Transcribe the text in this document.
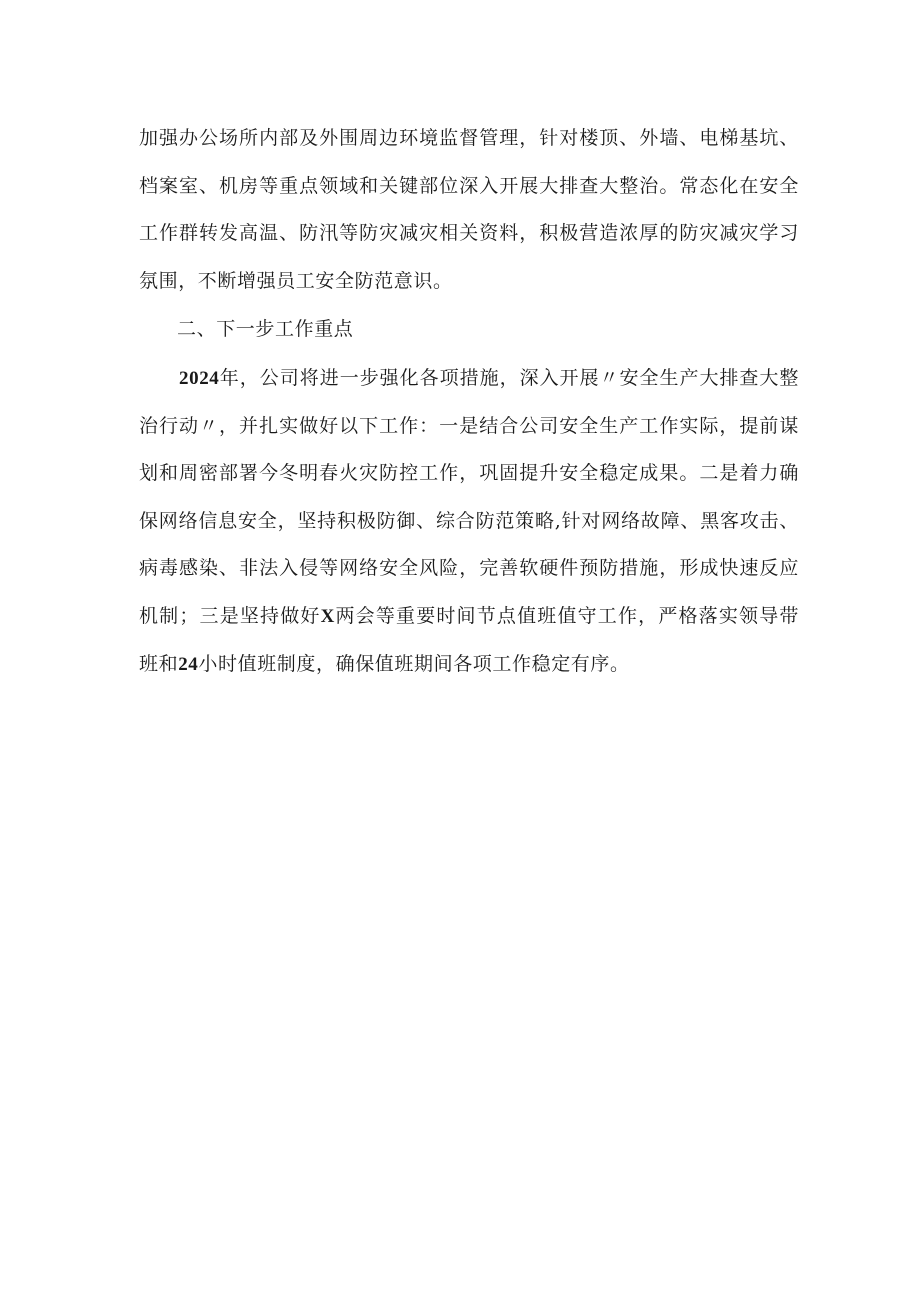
加强办公场所内部及外围周边环境监督管理，针对楼顶、外墙、电梯基坑、档案室、机房等重点领域和关键部位深入开展大排查大整治。常态化在安全工作群转发高温、防汛等防灾减灾相关资料，积极营造浓厚的防灾减灾学习氛围，不断增强员工安全防范意识。

二、下一步工作重点

2024年，公司将进一步强化各项措施，深入开展〃安全生产大排查大整治行动〃，并扎实做好以下工作：一是结合公司安全生产工作实际，提前谋划和周密部署今冬明春火灾防控工作，巩固提升安全稳定成果。二是着力确保网络信息安全，坚持积极防御、综合防范策略,针对网络故障、黑客攻击、病毒感染、非法入侵等网络安全风险，完善软硬件预防措施，形成快速反应机制；三是坚持做好X两会等重要时间节点值班值守工作，严格落实领导带班和24小时值班制度，确保值班期间各项工作稳定有序。
